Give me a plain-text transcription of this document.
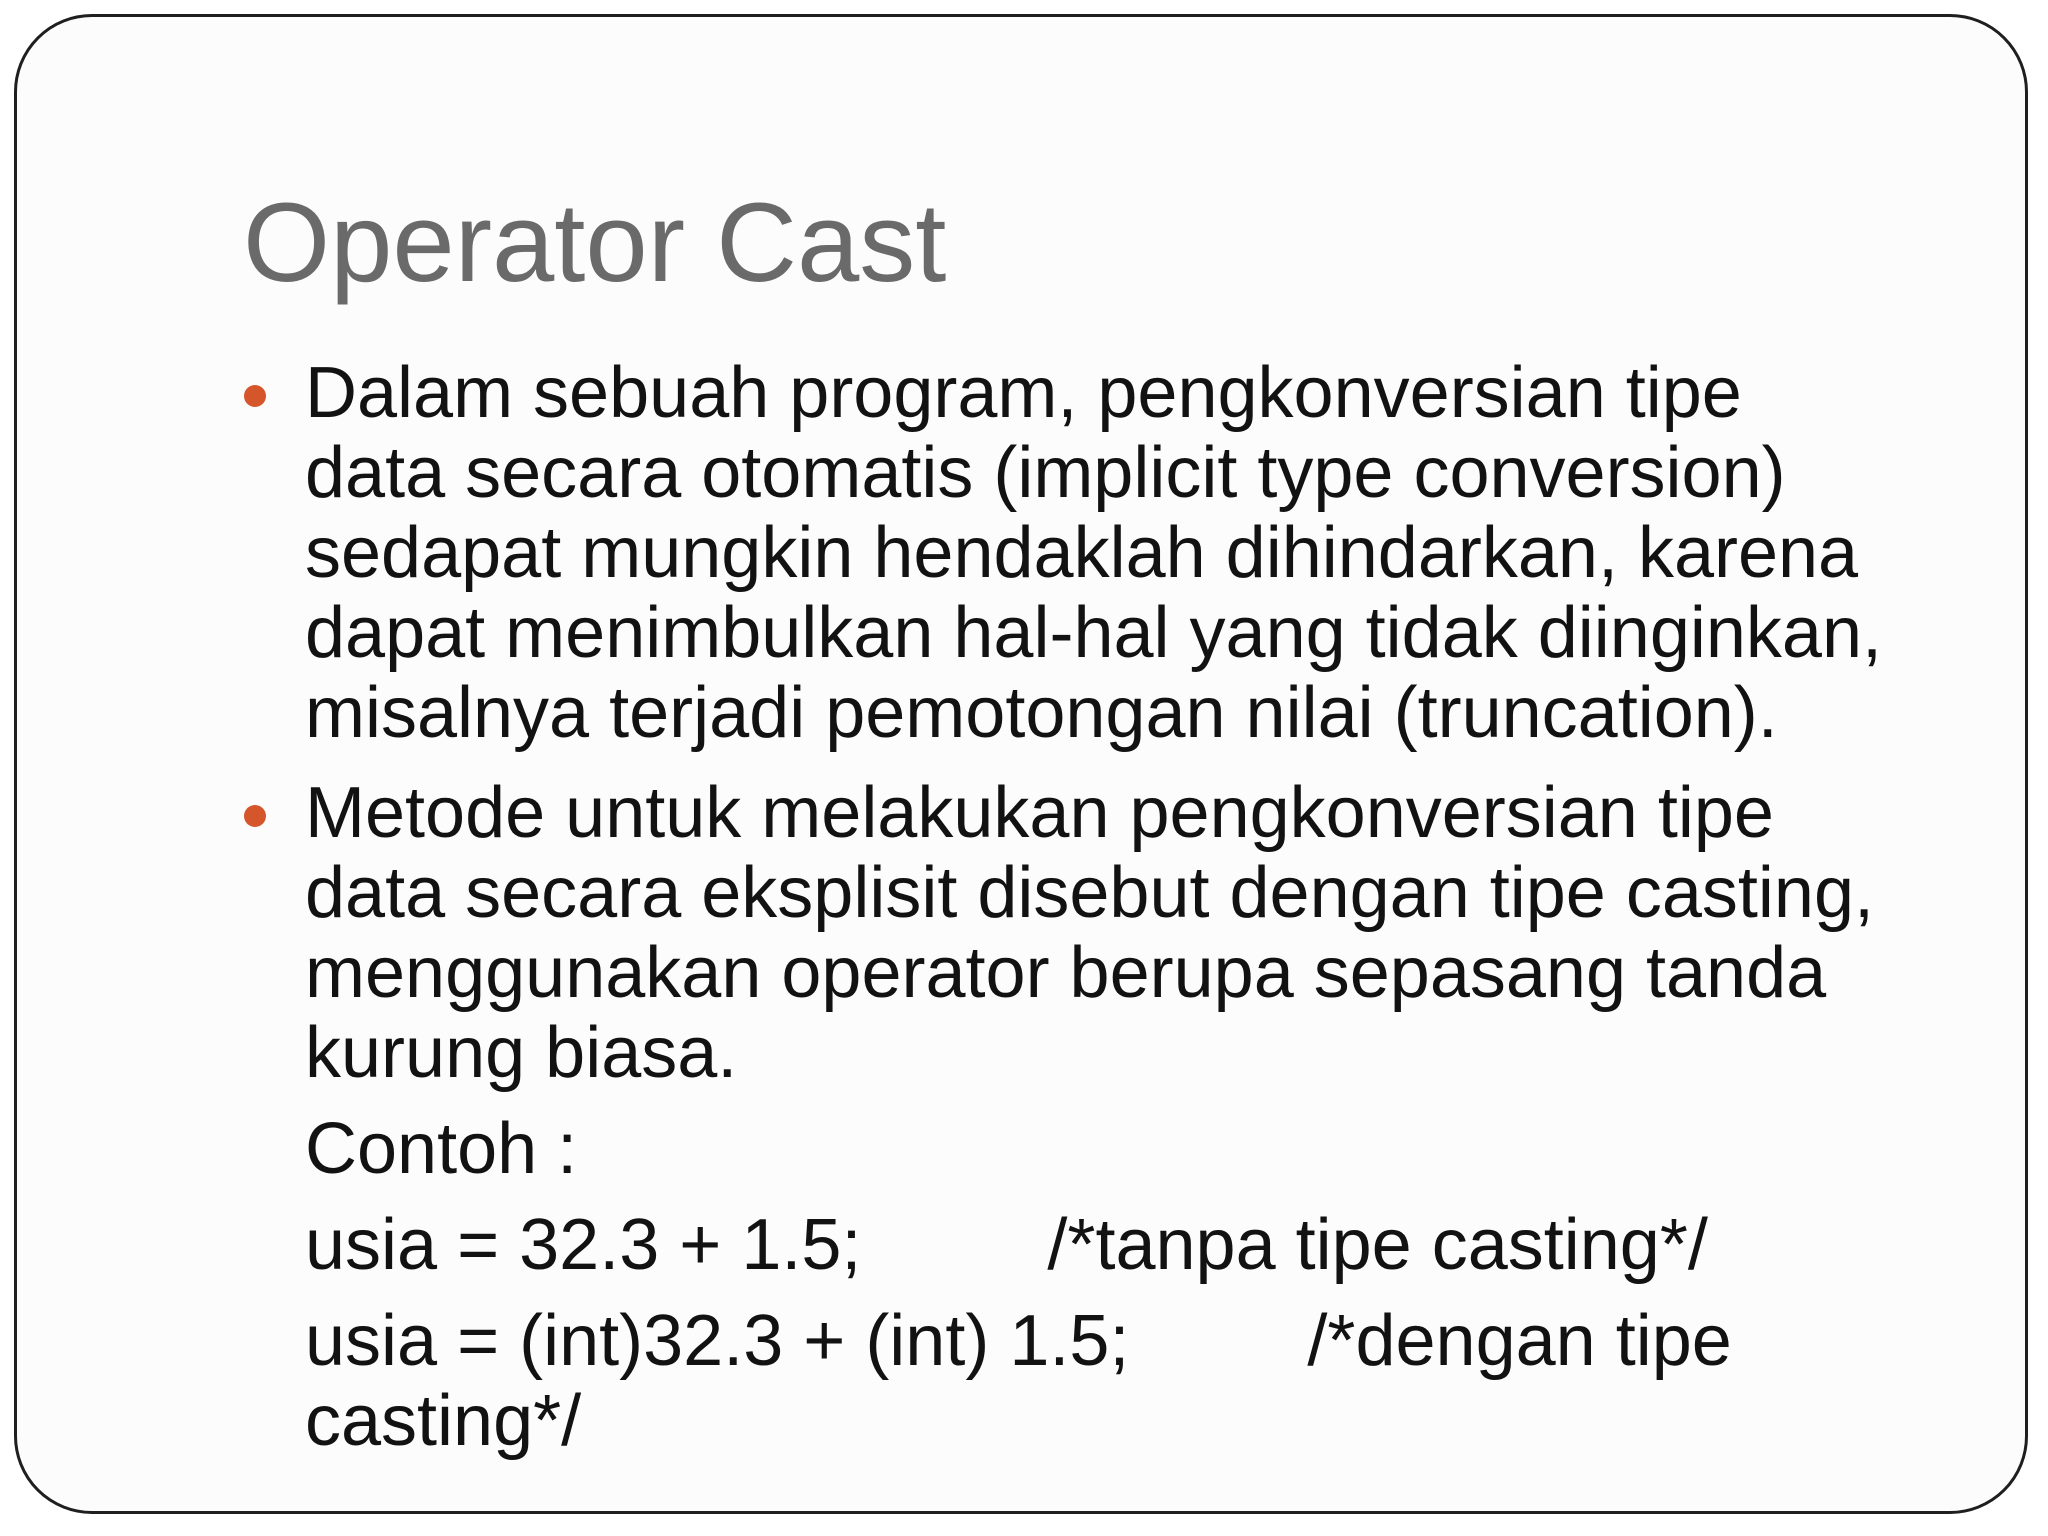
Operator Cast
Dalam sebuah program, pengkonversian tipe
data secara otomatis (implicit type conversion)
sedapat mungkin hendaklah dihindarkan, karena
dapat menimbulkan hal-hal yang tidak diinginkan,
misalnya terjadi pemotongan nilai (truncation).
Metode untuk melakukan pengkonversian tipe
data secara eksplisit disebut dengan tipe casting,
menggunakan operator berupa sepasang tanda
kurung biasa.

Contoh :

usia = 32.3 + 1.5;	/*tanpa tipe casting*/
usia = (int)32.3 + (int) 1.5; /*dengan tipe
casting*/
